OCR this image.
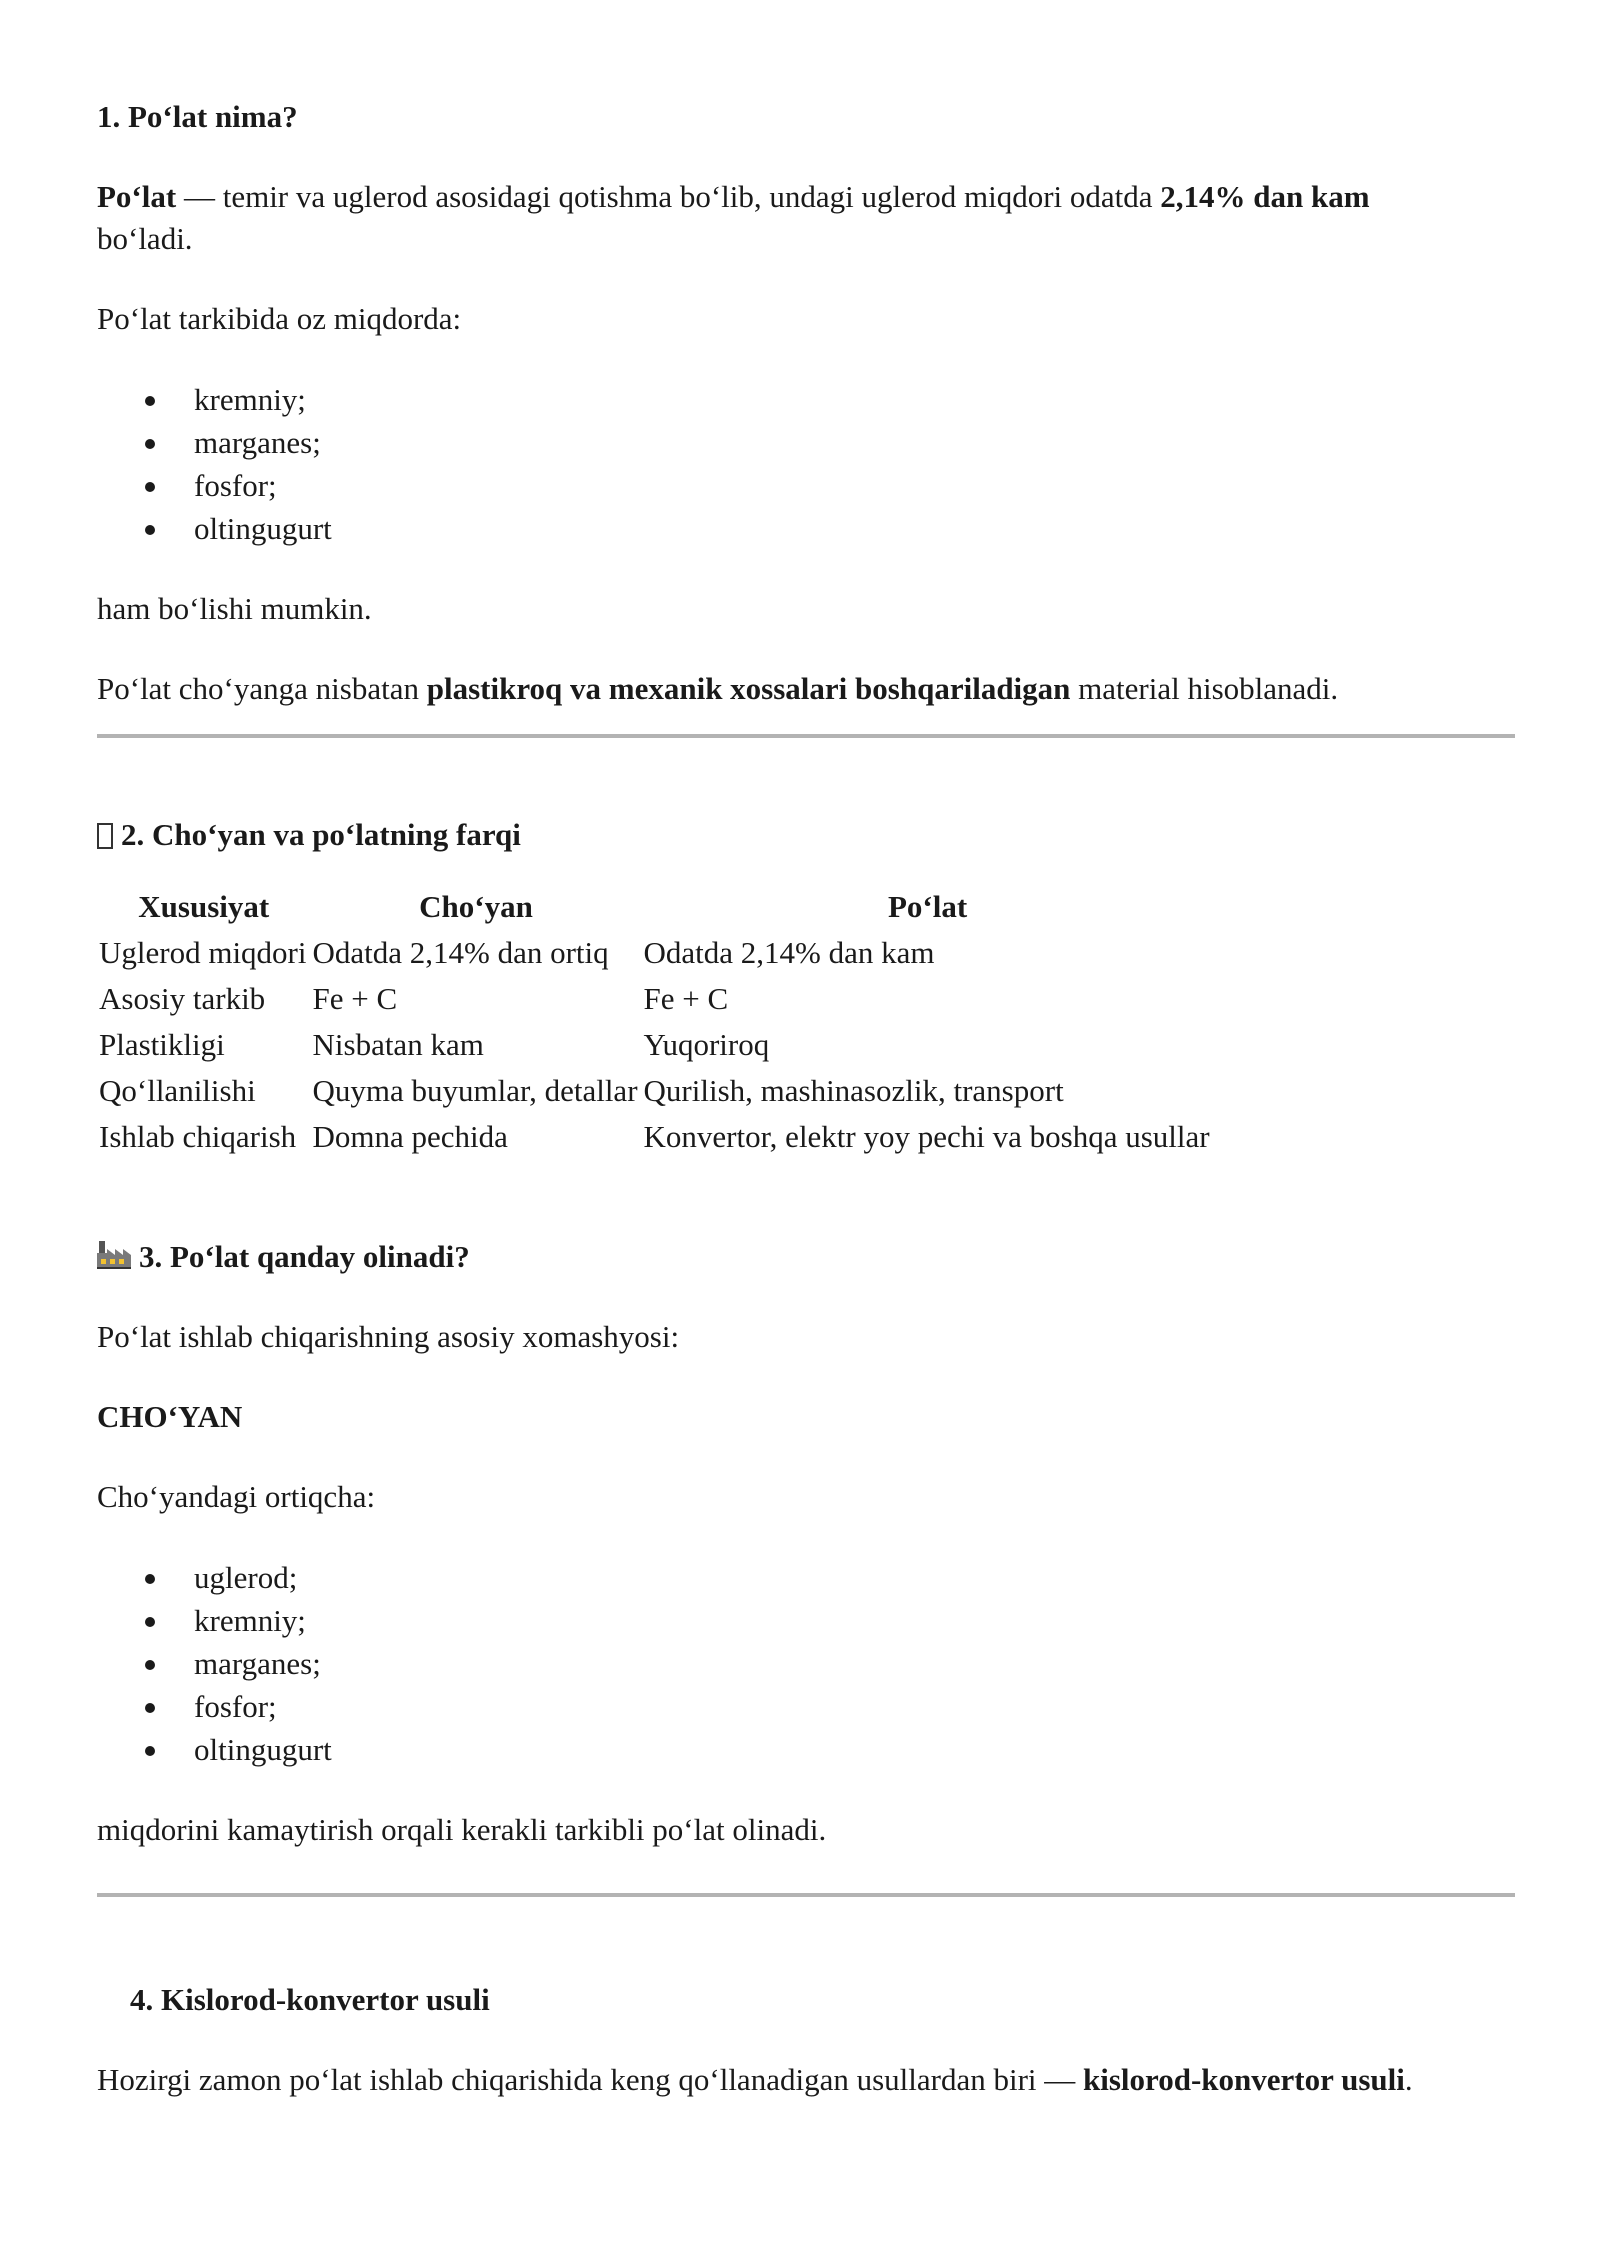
1. Po‘lat nima?

Po‘lat — temir va uglerod asosidagi qotishma bo‘lib, undagi uglerod miqdori odatda 2,14% dan kam
bo‘ladi.

Po‘lat tarkibida oz miqdorda:

kremniy;
marganes;
fosfor;
oltingugurt

ham bo‘lishi mumkin.

Po‘lat cho‘yanga nisbatan plastikroq va mexanik xossalari boshqariladigan material hisoblanadi.

2. Cho‘yan va po‘latning farqi
Xususiyat	Cho‘yan	Po‘lat
Uglerod miqdori	Odatda 2,14% dan ortiq	Odatda 2,14% dan kam
Asosiy tarkib	Fe + C	Fe + C
Plastikligi	Nisbatan kam	Yuqoriroq
Qo‘llanilishi	Quyma buyumlar, detallar	Qurilish, mashinasozlik, transport
Ishlab chiqarish	Domna pechida	Konvertor, elektr yoy pechi va boshqa usullar
3. Po‘lat qanday olinadi?

Po‘lat ishlab chiqarishning asosiy xomashyosi:

CHO‘YAN

Cho‘yandagi ortiqcha:

uglerod;
kremniy;
marganes;
fosfor;
oltingugurt

miqdorini kamaytirish orqali kerakli tarkibli po‘lat olinadi.

4. Kislorod-konvertor usuli

Hozirgi zamon po‘lat ishlab chiqarishida keng qo‘llanadigan usullardan biri — kislorod-konvertor usuli.
